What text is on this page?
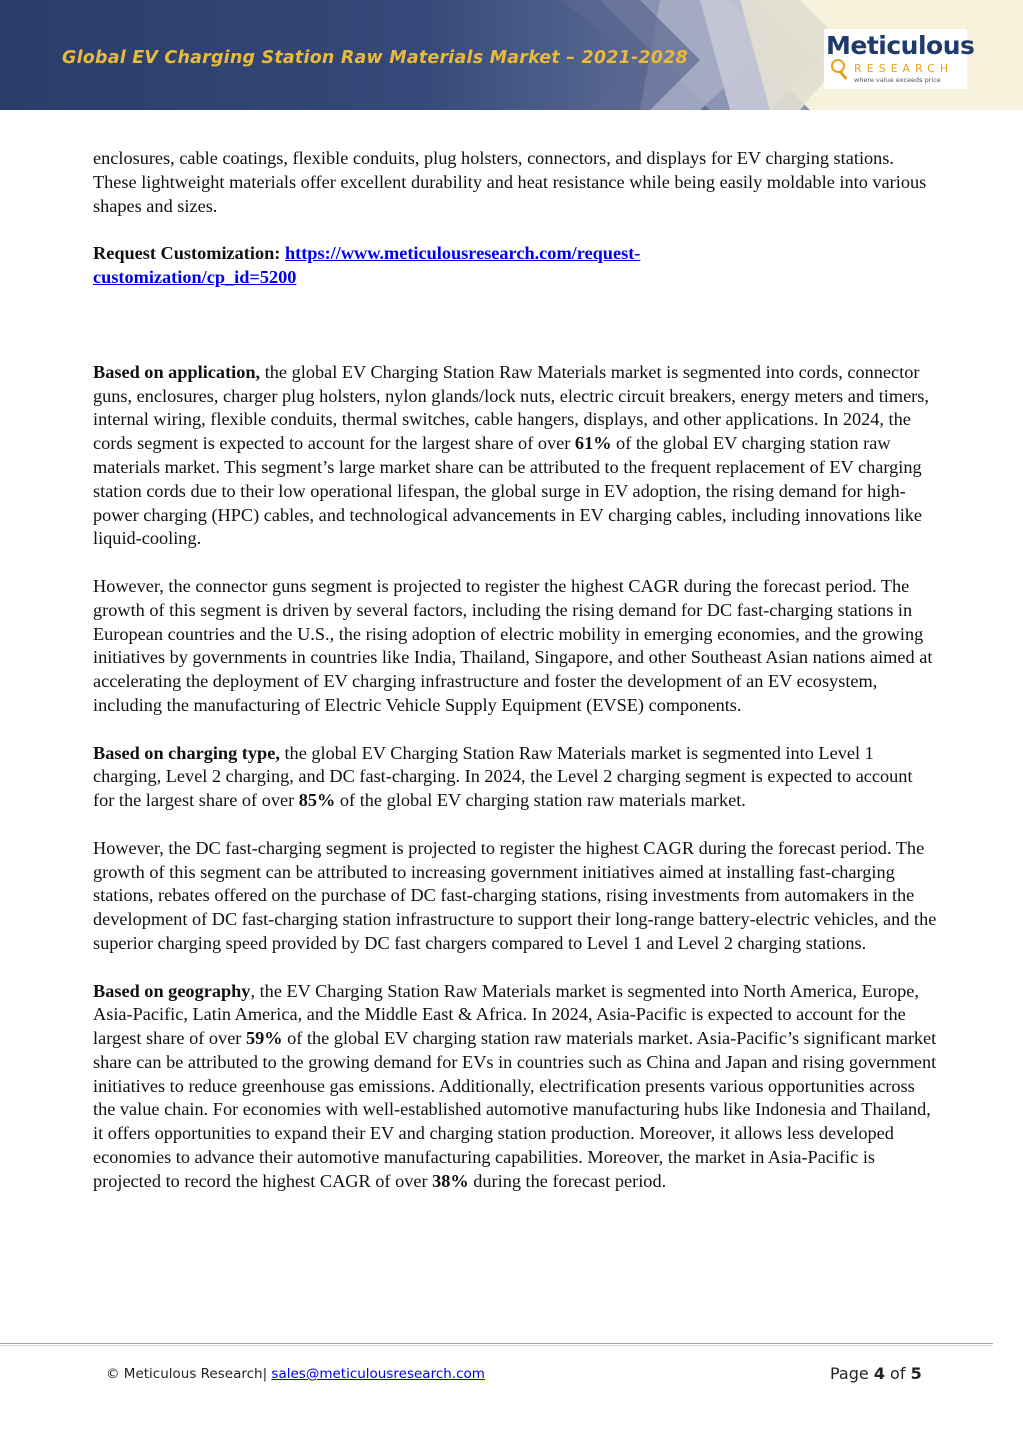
Global EV Charging Station Raw Materials Market – 2021-2028	Meticulous
RESEARCH
where value exceeds price

enclosures, cable coatings, flexible conduits, plug holsters, connectors, and displays for EV charging stations. These lightweight materials offer excellent durability and heat resistance while being easily moldable into various shapes and sizes.

Request Customization: https://www.meticulousresearch.com/request-
customization/cp_id=5200

Based on application, the global EV Charging Station Raw Materials market is segmented into cords, connector guns, enclosures, charger plug holsters, nylon glands/lock nuts, electric circuit breakers, energy meters and timers, internal wiring, flexible conduits, thermal switches, cable hangers, displays, and other applications. In 2024, the cords segment is expected to account for the largest share of over 61% of the global EV charging station raw materials market. This segment’s large market share can be attributed to the frequent replacement of EV charging station cords due to their low operational lifespan, the global surge in EV adoption, the rising demand for high-power charging (HPC) cables, and technological advancements in EV charging cables, including innovations like liquid-cooling.

However, the connector guns segment is projected to register the highest CAGR during the forecast period. The growth of this segment is driven by several factors, including the rising demand for DC fast-charging stations in European countries and the U.S., the rising adoption of electric mobility in emerging economies, and the growing initiatives by governments in countries like India, Thailand, Singapore, and other Southeast Asian nations aimed at accelerating the deployment of EV charging infrastructure and foster the development of an EV ecosystem, including the manufacturing of Electric Vehicle Supply Equipment (EVSE) components.

Based on charging type, the global EV Charging Station Raw Materials market is segmented into Level 1 charging, Level 2 charging, and DC fast-charging. In 2024, the Level 2 charging segment is expected to account for the largest share of over 85% of the global EV charging station raw materials market.

However, the DC fast-charging segment is projected to register the highest CAGR during the forecast period. The growth of this segment can be attributed to increasing government initiatives aimed at installing fast-charging stations, rebates offered on the purchase of DC fast-charging stations, rising investments from automakers in the development of DC fast-charging station infrastructure to support their long-range battery-electric vehicles, and the superior charging speed provided by DC fast chargers compared to Level 1 and Level 2 charging stations.

Based on geography, the EV Charging Station Raw Materials market is segmented into North America, Europe, Asia-Pacific, Latin America, and the Middle East & Africa. In 2024, Asia-Pacific is expected to account for the largest share of over 59% of the global EV charging station raw materials market. Asia-Pacific’s significant market share can be attributed to the growing demand for EVs in countries such as China and Japan and rising government initiatives to reduce greenhouse gas emissions. Additionally, electrification presents various opportunities across the value chain. For economies with well-established automotive manufacturing hubs like Indonesia and Thailand, it offers opportunities to expand their EV and charging station production. Moreover, it allows less developed economies to advance their automotive manufacturing capabilities. Moreover, the market in Asia-Pacific is projected to record the highest CAGR of over 38% during the forecast period.

© Meticulous Research| sales@meticulousresearch.com	Page 4 of 5
